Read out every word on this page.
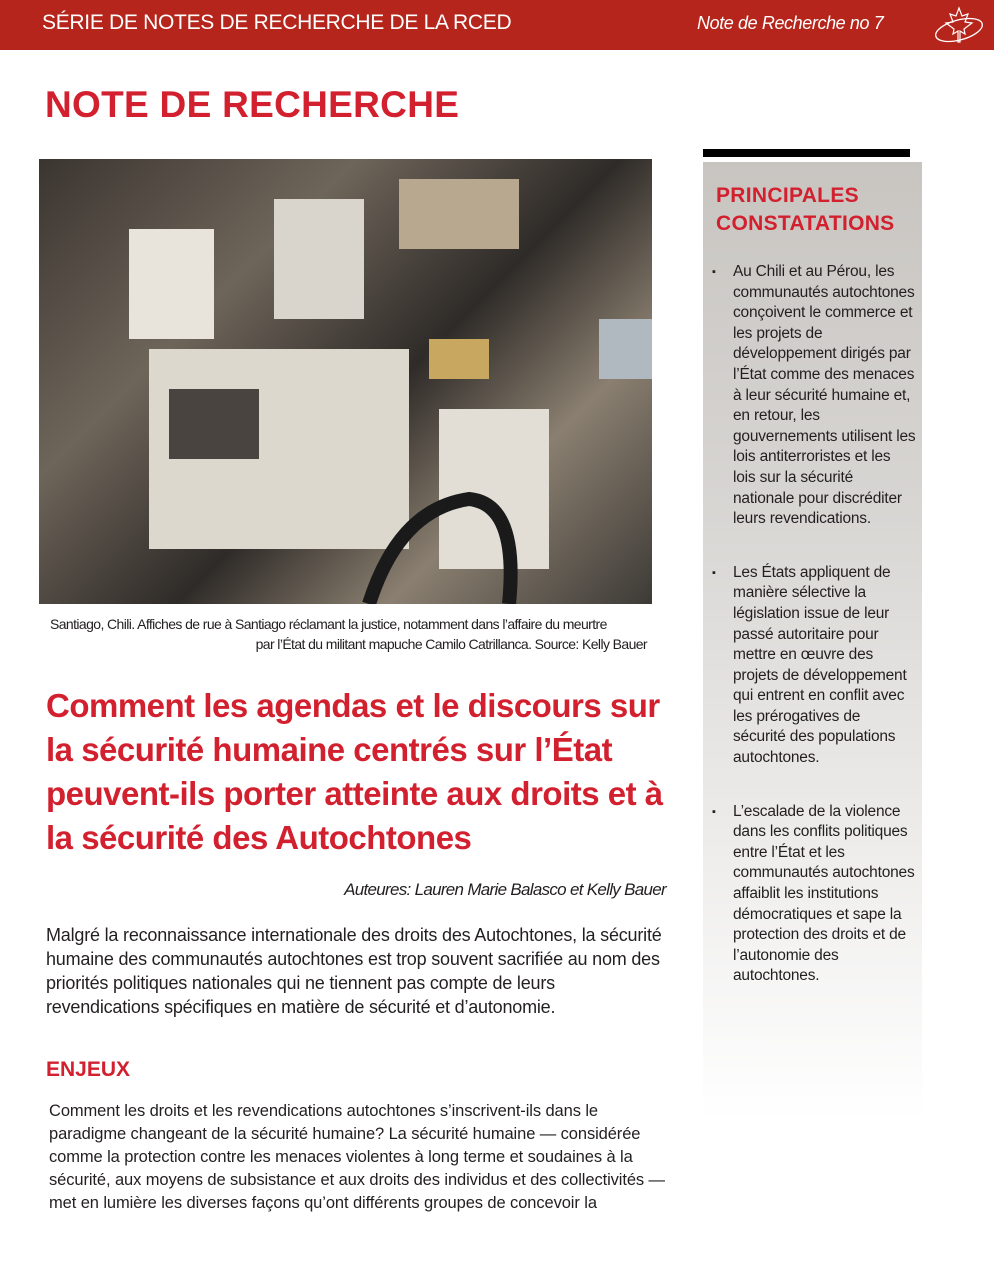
SÉRIE DE NOTES DE RECHERCHE DE LA RCED	Note de Recherche no 7
NOTE DE RECHERCHE
Santiago, Chili. Affiches de rue à Santiago réclamant la justice, notamment dans l’affaire du meurtre
par l’État du militant mapuche Camilo Catrillanca. Source: Kelly Bauer
Comment les agendas et le discours sur la sécurité humaine centrés sur l’État peuvent-ils porter atteinte aux droits et à la sécurité des Autochtones
Auteures: Lauren Marie Balasco et Kelly Bauer

Malgré la reconnaissance internationale des droits des Autochtones, la sécurité humaine des communautés autochtones est trop souvent sacrifiée au nom des priorités politiques nationales qui ne tiennent pas compte de leurs revendications spécifiques en matière de sécurité et d’autonomie.

ENJEUX

Comment les droits et les revendications autochtones s’inscrivent-ils dans le paradigme changeant de la sécurité humaine? La sécurité humaine — considérée comme la protection contre les menaces violentes à long terme et soudaines à la sécurité, aux moyens de subsistance et aux droits des individus et des collectivités — met en lumière les diverses façons qu’ont différents groupes de concevoir la

PRINCIPALES CONSTATATIONS
▪ Au Chili et au Pérou, les communautés autochtones conçoivent le commerce et les projets de développement dirigés par l’État comme des menaces à leur sécurité humaine et, en retour, les gouvernements utilisent les lois antiterroristes et les lois sur la sécurité nationale pour discréditer leurs revendications.
▪ Les États appliquent de manière sélective la législation issue de leur passé autoritaire pour mettre en œuvre des projets de développement qui entrent en conflit avec les prérogatives de sécurité des populations autochtones.
▪ L’escalade de la violence dans les conflits politiques entre l’État et les communautés autochtones affaiblit les institutions démocratiques et sape la protection des droits et de l’autonomie des autochtones.
